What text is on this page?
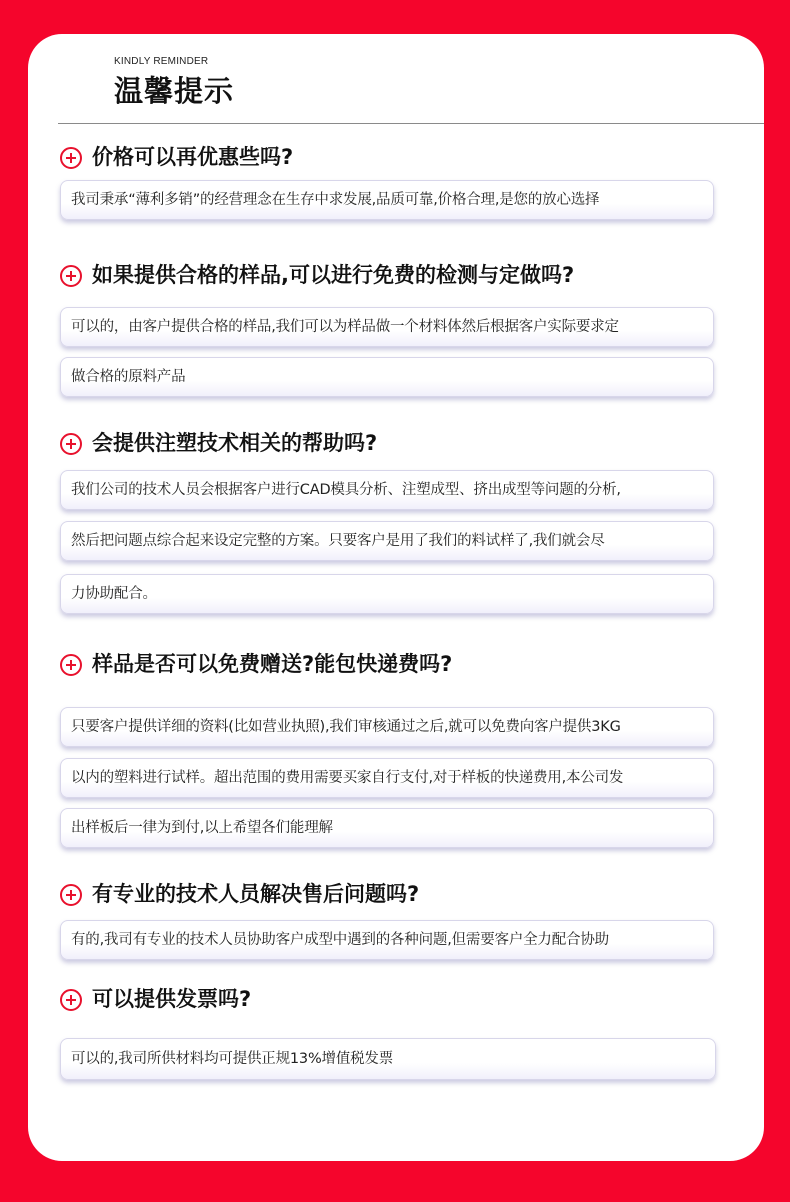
KINDLY REMINDER
温馨提示
价格可以再优惠些吗?
我司秉承“薄利多销”的经营理念在生存中求发展,品质可靠,价格合理,是您的放心选择
如果提供合格的样品,可以进行免费的检测与定做吗?
可以的，由客户提供合格的样品,我们可以为样品做一个材料体然后根据客户实际要求定
做合格的原料产品
会提供注塑技术相关的帮助吗?
我们公司的技术人员会根据客户进行CAD模具分析、注塑成型、挤出成型等问题的分析,
然后把问题点综合起来设定完整的方案。只要客户是用了我们的料试样了,我们就会尽
力协助配合。
样品是否可以免费赠送?能包快递费吗?
只要客户提供详细的资料(比如营业执照),我们审核通过之后,就可以免费向客户提供3KG
以内的塑料进行试样。超出范围的费用需要买家自行支付,对于样板的快递费用,本公司发
出样板后一律为到付,以上希望各们能理解
有专业的技术人员解决售后问题吗?
有的,我司有专业的技术人员协助客户成型中遇到的各种问题,但需要客户全力配合协助
可以提供发票吗?
可以的,我司所供材料均可提供正规13%增值税发票
